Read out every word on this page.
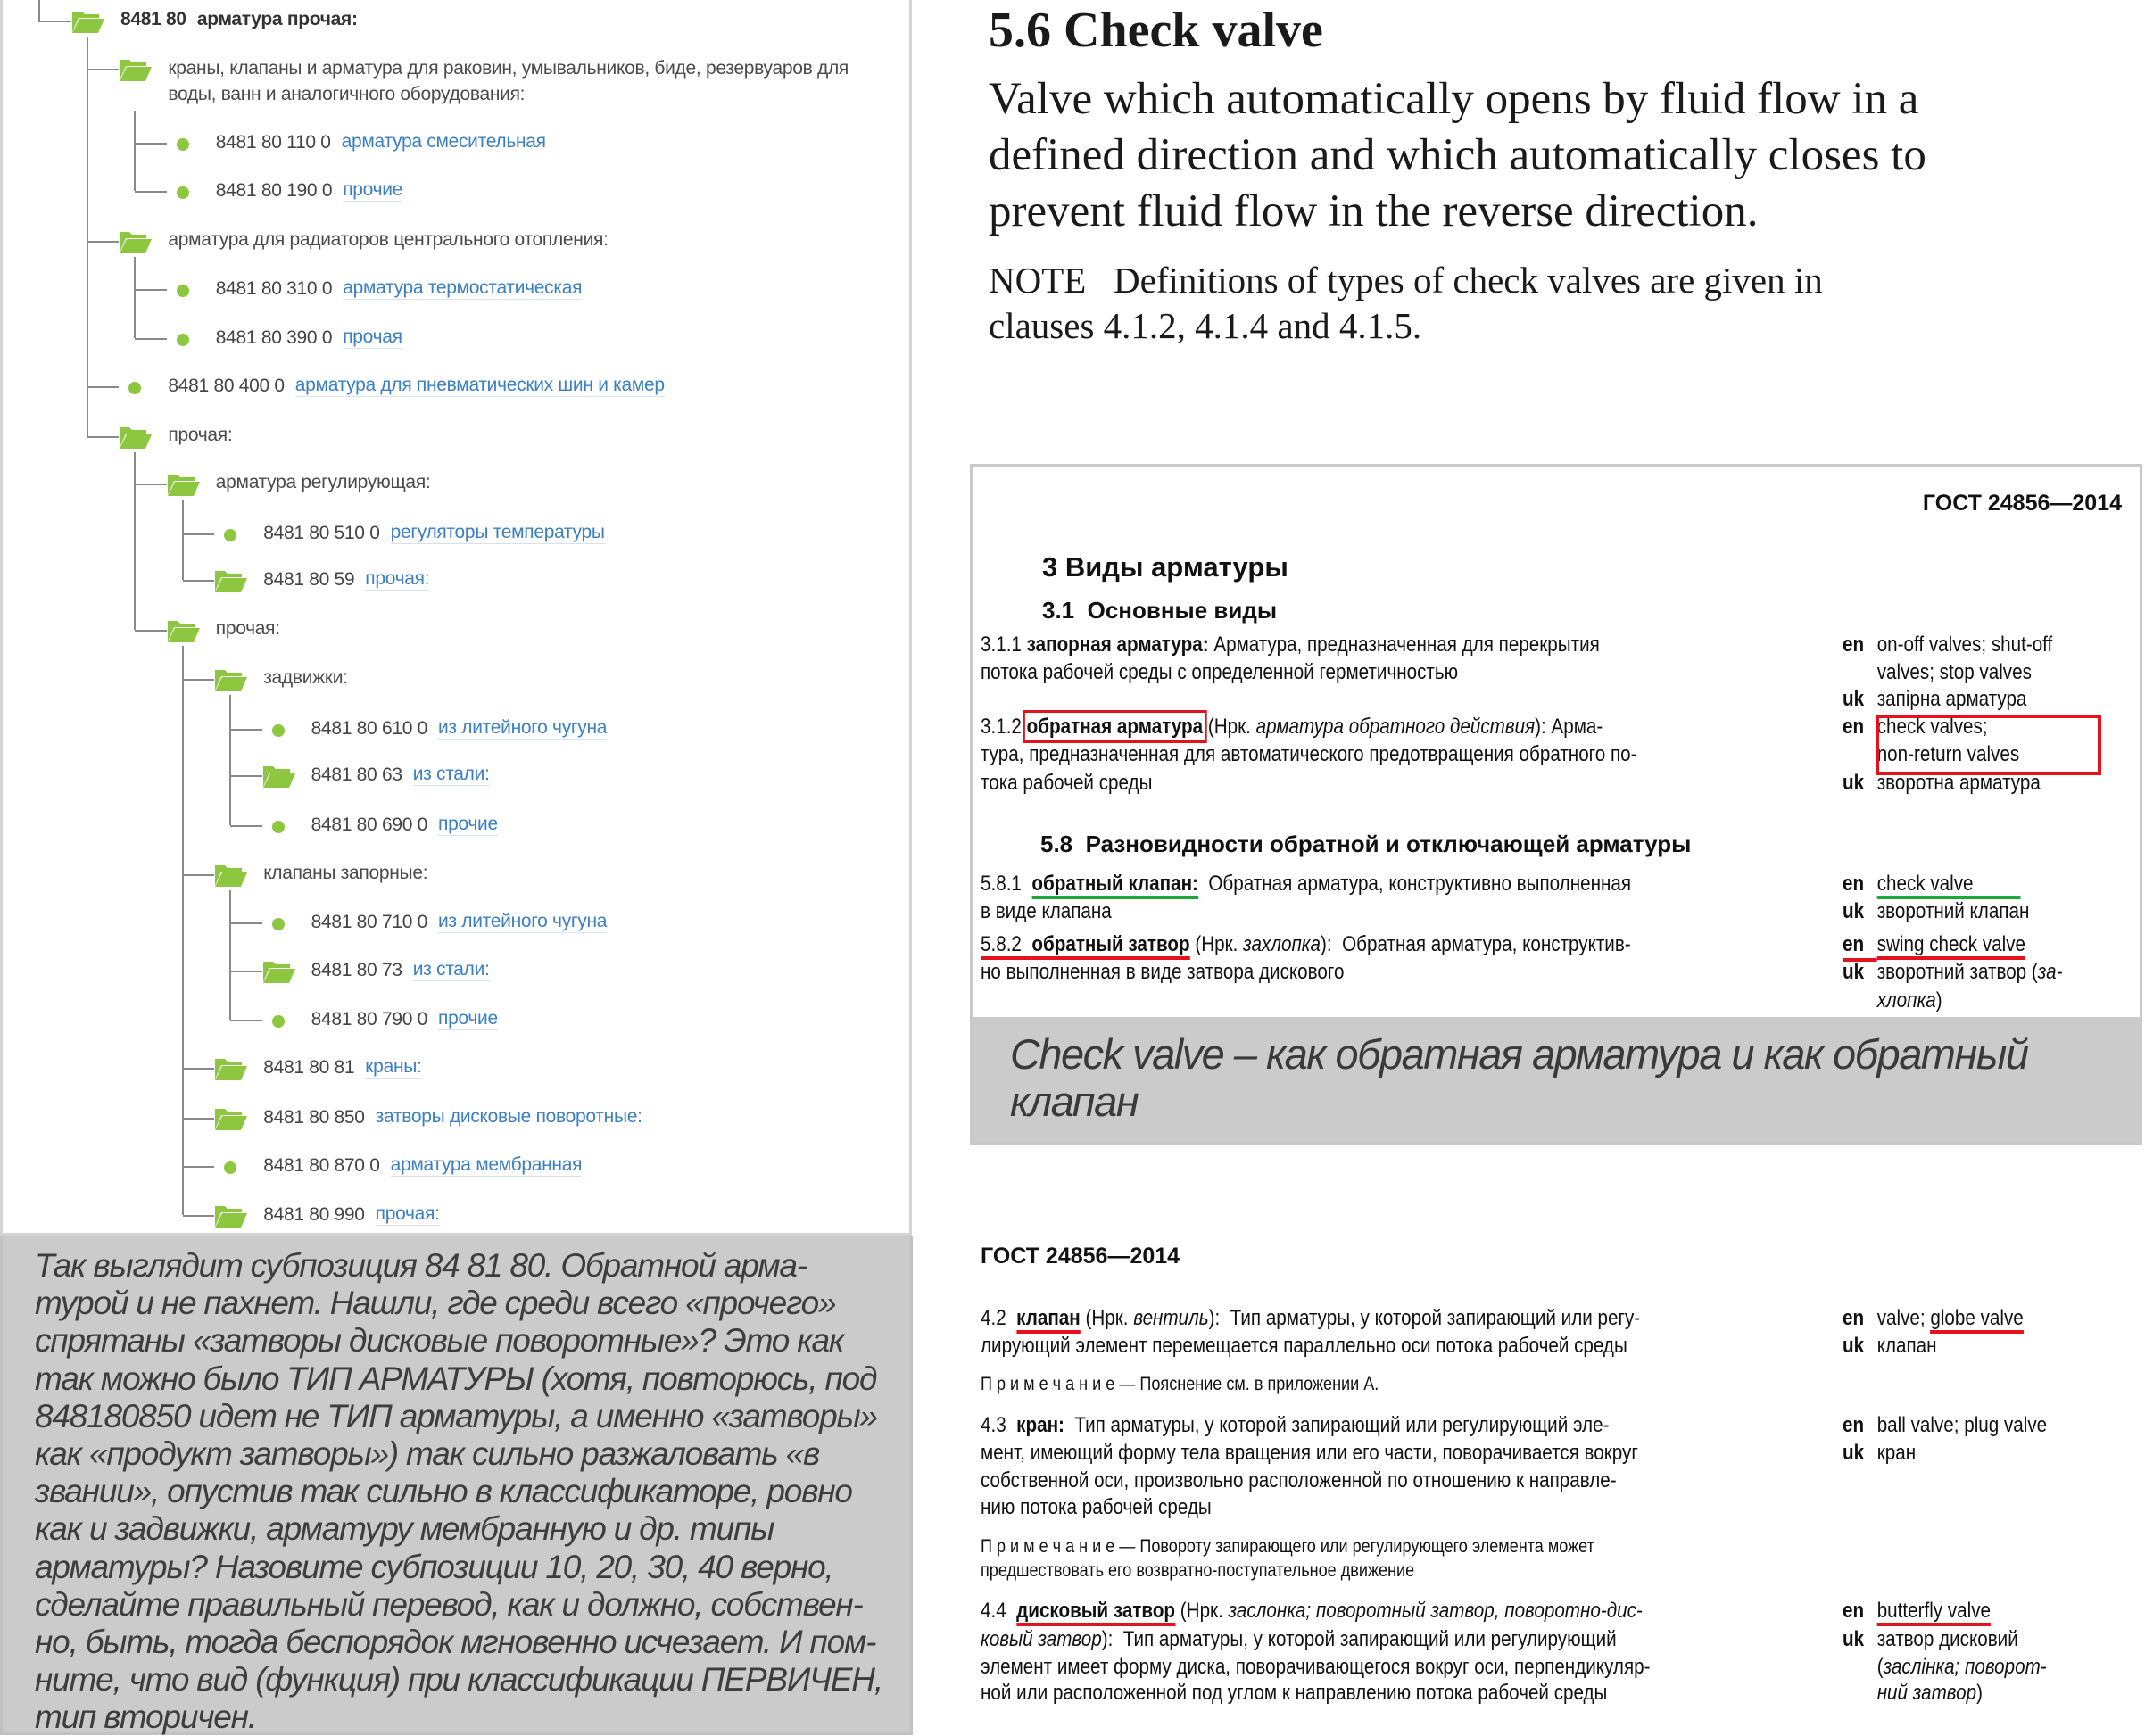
8481 80 арматура прочая:
краны, клапаны и арматура для раковин, умывальников, биде, резервуаров для воды, ванн и аналогичного оборудования:
8481 80 110 0 арматура смесительная
8481 80 190 0 прочие
арматура для радиаторов центрального отопления:
8481 80 310 0 арматура термостатическая
8481 80 390 0 прочая
8481 80 400 0 арматура для пневматических шин и камер
прочая:
арматура регулирующая:
8481 80 510 0 регуляторы температуры
8481 80 59 прочая:
прочая:
задвижки:
8481 80 610 0 из литейного чугуна
8481 80 63 из стали:
8481 80 690 0 прочие
клапаны запорные:
8481 80 710 0 из литейного чугуна
8481 80 73 из стали:
8481 80 790 0 прочие
8481 80 81 краны:
8481 80 850 затворы дисковые поворотные:
8481 80 870 0 арматура мембранная
8481 80 990 прочая:
Так выглядит субпозиция 84 81 80. Обратной арма-
турой и не пахнет. Нашли, где среди всего «прочего»
спрятаны «затворы дисковые поворотные»? Это как
так можно было ТИП АРМАТУРЫ (хотя, повторюсь, под
848180850 идет не ТИП арматуры, а именно «затворы»
как «продукт затворы») так сильно разжаловать «в
звании», опустив так сильно в классификаторе, ровно
как и задвижки, арматуру мембранную и др. типы
арматуры? Назовите субпозиции 10, 20, 30, 40 верно,
сделайте правильный перевод, как и должно, собствен-
но, быть, тогда беспорядок мгновенно исчезает. И пом-
ните, что вид (функция) при классификации ПЕРВИЧЕН,
тип вторичен.
5.6 Check valve
Valve which automatically opens by fluid flow in a
defined direction and which automatically closes to
prevent fluid flow in the reverse direction.
NOTE   Definitions of types of check valves are given in
clauses 4.1.2, 4.1.4 and 4.1.5.
ГОСТ 24856—2014
3 Виды арматуры
3.1  Основные виды
5.8  Разновидности обратной и отключающей арматуры
3.1.1 запорная арматура: Арматура, предназначенная для перекрытия	en on-off valves; shut-off
потока рабочей среды с определенной герметичностью	valves; stop valves
uk запірна арматура
3.1.2 обратная арматура (Нрк. арматура обратного действия): Арма-	en check valves;
тура, предназначенная для автоматического предотвращения обратного по-	non-return valves
тока рабочей среды	uk зворотна арматура
5.8.1  обратный клапан:  Обратная арматура, конструктивно выполненная	en check valve
в виде клапана	uk зворотний клапан
5.8.2  обратный затвор (Нрк. захлопка):  Обратная арматура, конструктив-	en swing check valve
но выполненная в виде затвора дискового	uk зворотний затвор (за-
хлопка)
Check valve – как обратная арматура и как обратный
клапан
ГОСТ 24856—2014
4.2  клапан (Нрк. вентиль):  Тип арматуры, у которой запирающий или регу-	en valve; globe valve
лирующий элемент перемещается параллельно оси потока рабочей среды	uk клапан
П р и м е ч а н и е — Пояснение см. в приложении А.
4.3  кран:  Тип арматуры, у которой запирающий или регулирующий эле-	en ball valve; plug valve
мент, имеющий форму тела вращения или его части, поворачивается вокруг	uk кран
собственной оси, произвольно расположенной по отношению к направле-
нию потока рабочей среды
П р и м е ч а н и е — Повороту запирающего или регулирующего элемента может
предшествовать его возвратно-поступательное движение
4.4  дисковый затвор (Нрк. заслонка; поворотный затвор, поворотно-дис-	en butterfly valve
ковый затвор):  Тип арматуры, у которой запирающий или регулирующий	uk затвор дисковий
элемент имеет форму диска, поворачивающегося вокруг оси, перпендикуляр-	(заслінка; поворот-
ной или расположенной под углом к направлению потока рабочей среды	ний затвор)
